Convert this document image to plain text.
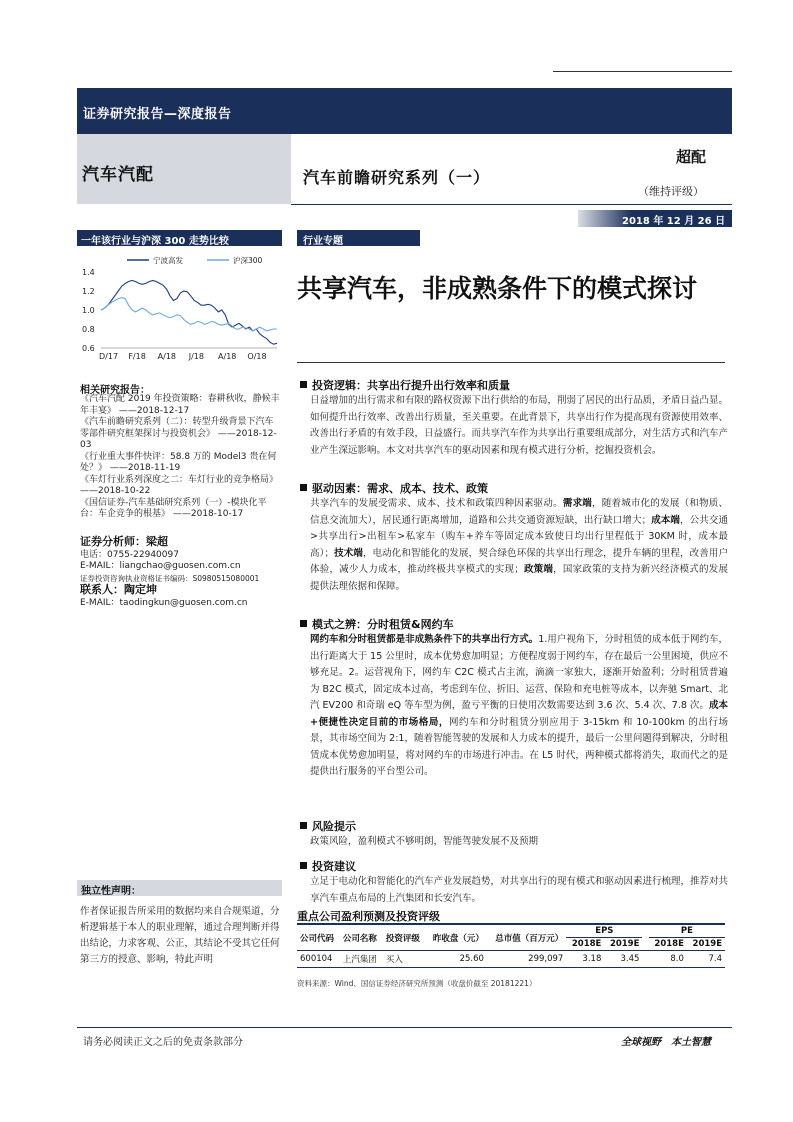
证券研究报告—深度报告
汽车汽配	汽车前瞻研究系列（一）
超配
（维持评级）
2018 年 12 月 26 日
一年该行业与沪深 300 走势比较
宁波高发	沪深300
1.4
1.2
1.0
0.8
0.6
D/17 F/18 A/18 J/18 A/18 O/18
相关研究报告：
《汽车汽配 2019 年投资策略：春耕秋收，静候丰年丰宴》 ——2018-12-17
《汽车前瞻研究系列（二）：转型升级背景下汽车零部件研究框架探讨与投资机会》 ——2018-12-03
《行业重大事件快评：58.8 万的 Model3 贵在何处？》 ——2018-11-19
《车灯行业系列深度之二：车灯行业的竞争格局》 ——2018-10-22
《国信证券-汽车基础研究系列（一）-模块化平台：车企竞争的根基》 ——2018-10-17
证券分析师：梁超
电话：0755-22940097
E-MAIL：liangchao@guosen.com.cn
证券投资咨询执业资格证书编码：S0980515080001
联系人：陶定坤
E-MAIL：taodingkun@guosen.com.cn
独立性声明：
作者保证报告所采用的数据均来自合规渠道，分析逻辑基于本人的职业理解，通过合理判断并得出结论，力求客观、公正，其结论不受其它任何第三方的授意、影响，特此声明
行业专题
共享汽车，非成熟条件下的模式探讨
投资逻辑：共享出行提升出行效率和质量
日益增加的出行需求和有限的路权资源下出行供给的布局，削弱了居民的出行品质，矛盾日益凸显。如何提升出行效率、改善出行质量，至关重要。在此背景下，共享出行作为提高现有资源使用效率、改善出行矛盾的有效手段，日益盛行。而共享汽车作为共享出行重要组成部分，对生活方式和汽车产业产生深远影响。本文对共享汽车的驱动因素和现有模式进行分析，挖掘投资机会。
驱动因素：需求、成本、技术、政策
共享汽车的发展受需求、成本、技术和政策四种因素驱动。需求端，随着城市化的发展（和物质、信息交流加大），居民通行距离增加，道路和公共交通资源短缺，出行缺口增大；成本端，公共交通>共享出行>出租车>私家车（购车+养车等固定成本致使日均出行里程低于 30KM 时，成本最高）；技术端，电动化和智能化的发展，契合绿色环保的共享出行理念，提升车辆的里程，改善用户体验，减少人力成本，推动终极共享模式的实现；政策端，国家政策的支持为新兴经济模式的发展提供法理依据和保障。
模式之辨：分时租赁&网约车
网约车和分时租赁都是非成熟条件下的共享出行方式。1.用户视角下，分时租赁的成本低于网约车，出行距离大于 15 公里时，成本优势愈加明显；方便程度弱于网约车，存在最后一公里困境，供应不够充足。2。运营视角下，网约车 C2C 模式占主流，滴滴一家独大，逐渐开始盈利；分时租赁普遍为 B2C 模式，固定成本过高，考虑到车位、折旧、运营、保险和充电桩等成本，以奔驰 Smart、北汽 EV200 和奇瑞 eQ 等车型为例，盈亏平衡的日使用次数需要达到 3.6 次、5.4 次、7.8 次。成本+便捷性决定目前的市场格局，网约车和分时租赁分别应用于 3-15km 和 10-100km 的出行场景，其市场空间为 2:1，随着智能驾驶的发展和人力成本的提升，最后一公里问题得到解决，分时租赁成本优势愈加明显，将对网约车的市场进行冲击。在 L5 时代，两种模式都将消失，取而代之的是提供出行服务的平台型公司。
风险提示
政策风险，盈利模式不够明朗，智能驾驶发展不及预期
投资建议
立足于电动化和智能化的汽车产业发展趋势，对共享出行的现有模式和驱动因素进行梳理，推荐对共享汽车重点布局的上汽集团和长安汽车。
重点公司盈利预测及投资评级
公司代码	公司名称	投资评级	昨收盘（元）	总市值（百万元）	EPS			PE	
					2018E	2019E		2018E	2019E
600104	上汽集团	买入	25.60	299,097	3.18	3.45		8.0	7.4
资料来源：Wind、国信证券经济研究所预测（收盘价截至 20181221）
请务必阅读正文之后的免责条款部分	全球视野　本土智慧
